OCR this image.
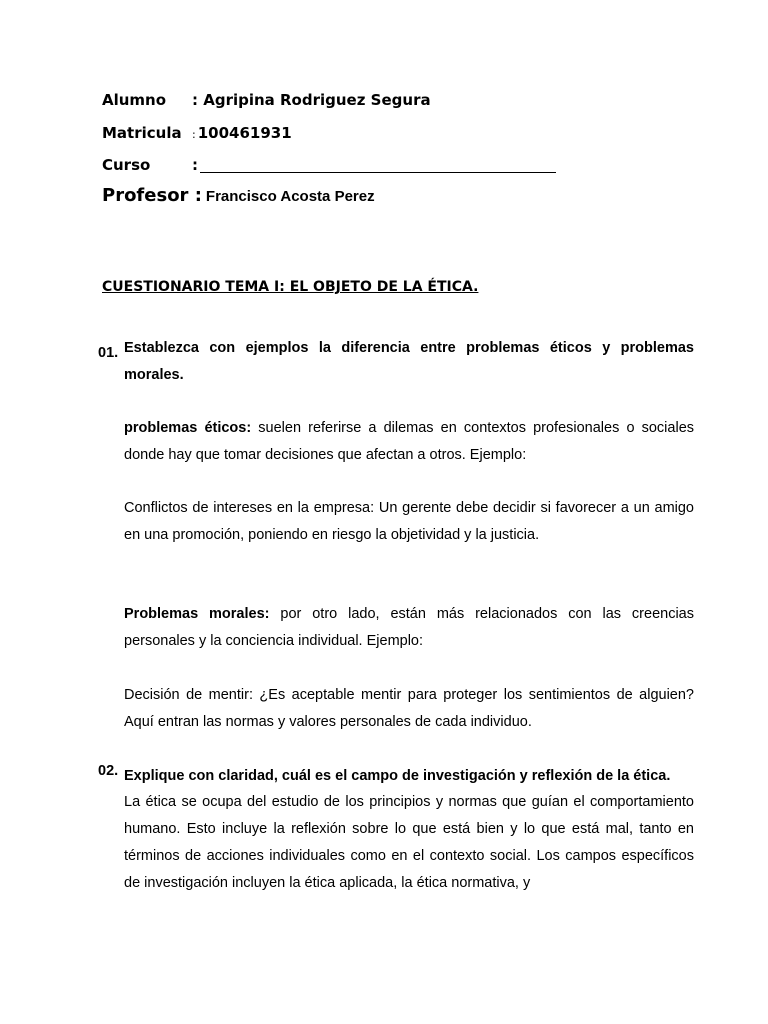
Alumno : Agripina Rodriguez Segura
Matricula : 100461931
Curso	:
Profesor : Francisco Acosta Perez
CUESTIONARIO TEMA I: EL OBJETO DE LA ÉTICA.
01. Establezca con ejemplos la diferencia entre problemas éticos y problemas morales.
problemas éticos: suelen referirse a dilemas en contextos profesionales o sociales donde hay que tomar decisiones que afectan a otros. Ejemplo:
Conflictos de intereses en la empresa: Un gerente debe decidir si favorecer a un amigo en una promoción, poniendo en riesgo la objetividad y la justicia.
Problemas morales: por otro lado, están más relacionados con las creencias personales y la conciencia individual. Ejemplo:
Decisión de mentir: ¿Es aceptable mentir para proteger los sentimientos de alguien? Aquí entran las normas y valores personales de cada individuo.
02. Explique con claridad, cuál es el campo de investigación y reflexión de la ética.
La ética se ocupa del estudio de los principios y normas que guían el comportamiento humano. Esto incluye la reflexión sobre lo que está bien y lo que está mal, tanto en términos de acciones individuales como en el contexto social. Los campos específicos de investigación incluyen la ética aplicada, la ética normativa, y
